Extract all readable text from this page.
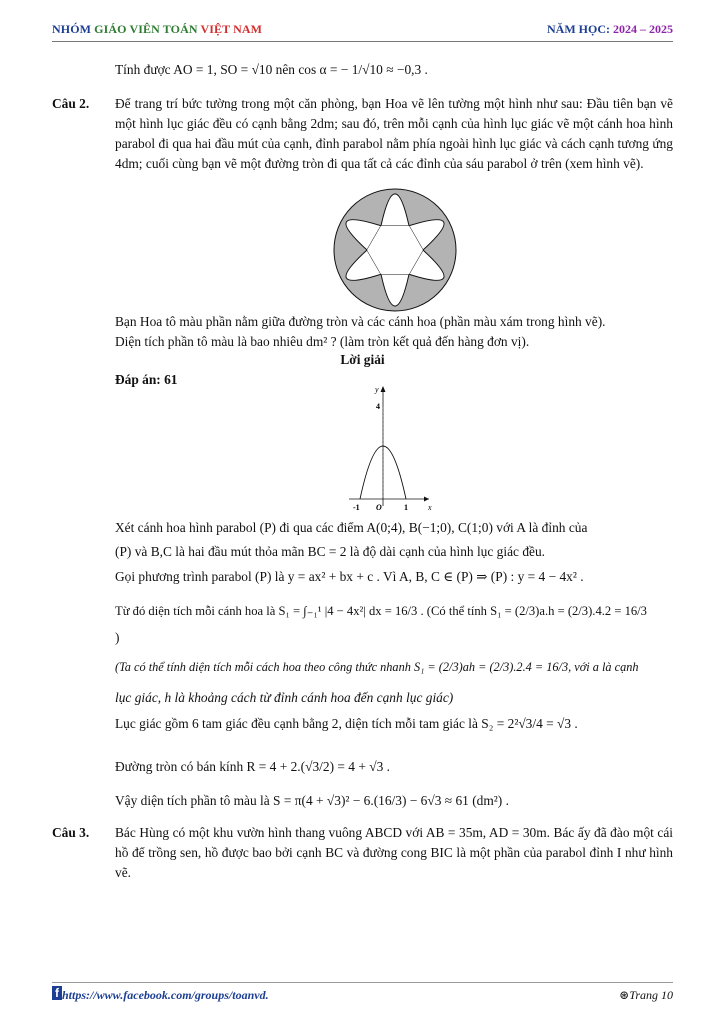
NHÓM GIÁO VIÊN TOÁN VIỆT NAM	NĂM HỌC: 2024 – 2025
Tính được AO = 1, SO = √10 nên cos α = − 1/√10 ≈ −0,3 .
Câu 2. Để trang trí bức tường trong một căn phòng, bạn Hoa vẽ lên tường một hình như sau: Đầu tiên bạn vẽ một hình lục giác đều có cạnh bằng 2dm; sau đó, trên mỗi cạnh của hình lục giác vẽ một cánh hoa hình parabol đi qua hai đầu mút của cạnh, đỉnh parabol nằm phía ngoài hình lục giác và cách cạnh tương ứng 4dm; cuối cùng bạn vẽ một đường tròn đi qua tất cả các đỉnh của sáu parabol ở trên (xem hình vẽ).
Bạn Hoa tô màu phần nằm giữa đường tròn và các cánh hoa (phần màu xám trong hình vẽ).
Diện tích phần tô màu là bao nhiêu dm² ? (làm tròn kết quả đến hàng đơn vị).
Lời giải
Đáp án: 61
y
x
4
-1 O	1
Xét cánh hoa hình parabol (P) đi qua các điểm A(0;4), B(−1;0), C(1;0) với A là đỉnh của
(P) và B,C là hai đầu mút thỏa mãn BC = 2 là độ dài cạnh của hình lục giác đều.
Gọi phương trình parabol (P) là y = ax² + bx + c . Vì A, B, C ∈ (P) ⇒ (P) : y = 4 − 4x² .
Từ đó diện tích mỗi cánh hoa là S₁ = ∫₋₁¹ |4 − 4x²| dx = 16/3 . (Có thể tính S₁ = (2/3)a.h = (2/3).4.2 = 16/3
)
(Ta có thể tính diện tích mỗi cách hoa theo công thức nhanh S₁ = (2/3)ah = (2/3).2.4 = 16/3, với a là cạnh
lục giác, h là khoảng cách từ đỉnh cánh hoa đến cạnh lục giác)
Lục giác gồm 6 tam giác đều cạnh bằng 2, diện tích mỗi tam giác là S₂ = 2²√3/4 = √3 .
Đường tròn có bán kính R = 4 + 2.(√3/2) = 4 + √3 .
Vậy diện tích phần tô màu là S = π(4 + √3)² − 6.(16/3) − 6√3 ≈ 61 (dm²) .
Câu 3. Bác Hùng có một khu vườn hình thang vuông ABCD với AB = 35m, AD = 30m. Bác ấy đã đào một cái hồ để trồng sen, hồ được bao bởi cạnh BC và đường cong BIC là một phần của parabol đỉnh I như hình vẽ.
f https://www.facebook.com/groups/toanvd.	⊛Trang 10
